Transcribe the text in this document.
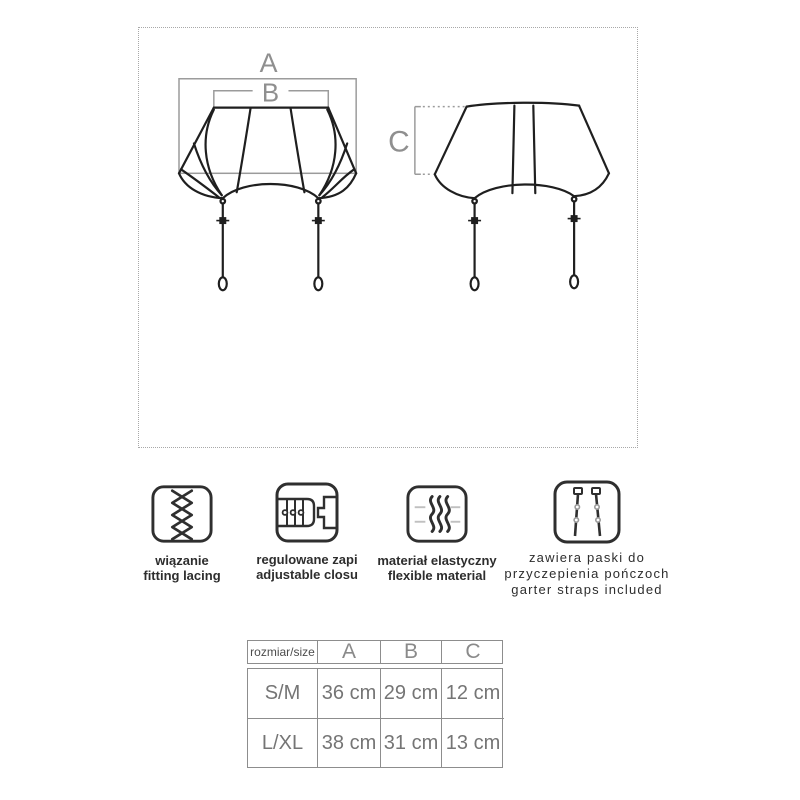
A
B
C
wiązanie
fitting lacing
regulowane zapi
adjustable closu
materiał elastyczny
flexible material
zawiera paski do
przyczepienia pończoch
garter straps included
rozmiar/size	A	B	C
S/M	36 cm 29 cm 12 cm
L/XL 38 cm 31 cm 13 cm
